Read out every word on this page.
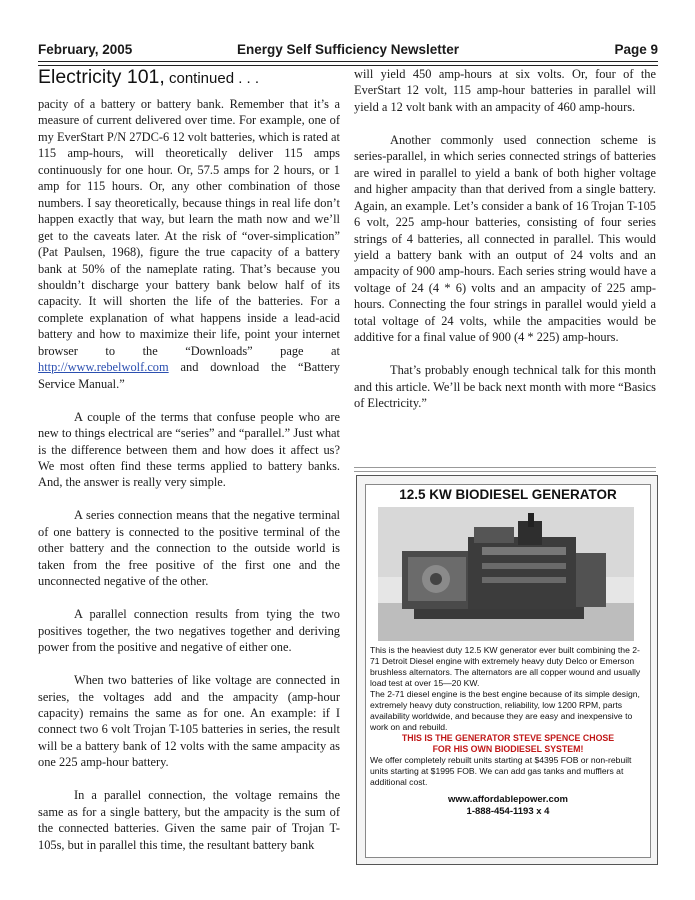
February, 2005	Energy Self Sufficiency Newsletter	Page 9
Electricity 101, continued . . .

pacity of a battery or battery bank. Remember that it’s a measure of current delivered over time. For example, one of my EverStart P/N 27DC-6 12 volt batteries, which is rated at 115 amp-hours, will theoretically deliver 115 amps continuously for one hour. Or, 57.5 amps for 2 hours, or 1 amp for 115 hours. Or, any other combination of those numbers. I say theoretically, because things in real life don’t happen exactly that way, but learn the math now and we’ll get to the caveats later. At the risk of “over-simplication” (Pat Paulsen, 1968), figure the true capacity of a battery bank at 50% of the nameplate rating. That’s because you shouldn’t discharge your battery bank below half of its capacity. It will shorten the life of the batteries. For a complete explanation of what happens inside a lead-acid battery and how to maximize their life, point your internet browser to the “Downloads” page at http://www.rebelwolf.com and download the “Battery Service Manual.”

A couple of the terms that confuse people who are new to things electrical are “series” and “parallel.” Just what is the difference between them and how does it affect us? We most often find these terms applied to battery banks. And, the answer is really very simple.

A series connection means that the negative terminal of one battery is connected to the positive terminal of the other battery and the connection to the outside world is taken from the free positive of the first one and the unconnected negative of the other.

A parallel connection results from tying the two positives together, the two negatives together and deriving power from the positive and negative of either one.

When two batteries of like voltage are connected in series, the voltages add and the ampacity (amp-hour capacity) remains the same as for one. An example: if I connect two 6 volt Trojan T-105 batteries in series, the result will be a battery bank of 12 volts with the same ampacity as one 225 amp-hour battery.

In a parallel connection, the voltage remains the same as for a single battery, but the ampacity is the sum of the connected batteries. Given the same pair of Trojan T-105s, but in parallel this time, the resultant battery bank

will yield 450 amp-hours at six volts. Or, four of the EverStart 12 volt, 115 amp-hour batteries in parallel will yield a 12 volt bank with an ampacity of 460 amp-hours.

Another commonly used connection scheme is series-parallel, in which series connected strings of batteries are wired in parallel to yield a bank of both higher voltage and higher ampacity than that derived from a single battery. Again, an example. Let’s consider a bank of 16 Trojan T-105 6 volt, 225 amp-hour batteries, consisting of four series strings of 4 batteries, all connected in parallel. This would yield a battery bank with an output of 24 volts and an ampacity of 900 amp-hours. Each series string would have a voltage of 24 (4 * 6) volts and an ampacity of 225 amp-hours. Connecting the four strings in parallel would yield a total voltage of 24 volts, while the ampacities would be additive for a final value of 900 (4 * 225) amp-hours.

That’s probably enough technical talk for this month and this article. We’ll be back next month with more “Basics of Electricity.”

12.5 KW BIODIESEL GENERATOR

This is the heaviest duty 12.5 KW generator ever built combining the 2-71 Detroit Diesel engine with extremely heavy duty Delco or Emerson brushless alternators. The alternators are all copper wound and usually load test at over 15—20 KW.

The 2-71 diesel engine is the best engine because of its simple design, extremely heavy duty construction, reliability, low 1200 RPM, parts availability worldwide, and because they are easy and inexpensive to work on and rebuild.

THIS IS THE GENERATOR STEVE SPENCE CHOSE

FOR HIS OWN BIODIESEL SYSTEM!

We offer completely rebuilt units starting at $4395 FOB or non-rebuilt units starting at $1995 FOB. We can add gas tanks and mufflers at additional cost.

www.affordablepower.com

1-888-454-1193 x 4
